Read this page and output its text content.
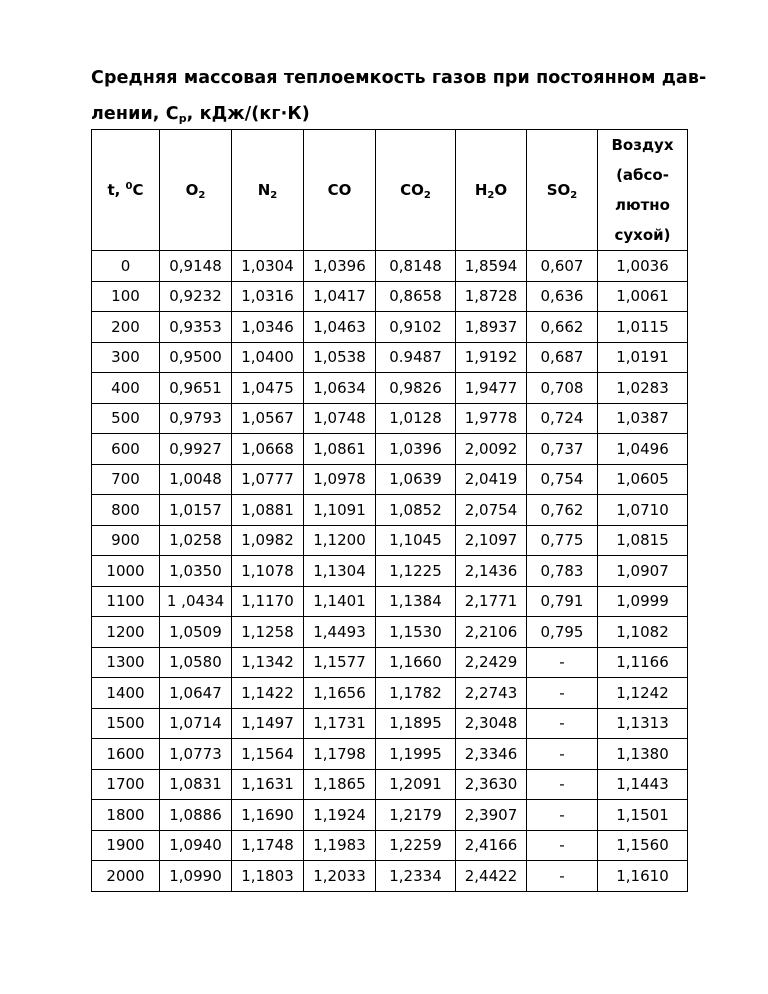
Средняя массовая теплоемкость газов при постоянном дав-
лении, $C_p$, кДж/(кг·К)
t, $^0$C	$O_2$	$N_2$	CO	$CO_2$	$H_2O$	$SO_2$	Воздух
(абсо-
лютно
сухой)
0	0,9148	1,0304	1,0396	0,8148	1,8594	0,607	1,0036
100	0,9232	1,0316	1,0417	0,8658	1,8728	0,636	1,0061
200	0,9353	1,0346	1,0463	0,9102	1,8937	0,662	1,0115
300	0,9500	1,0400	1,0538	0.9487	1,9192	0,687	1,0191
400	0,9651	1,0475	1,0634	0,9826	1,9477	0,708	1,0283
500	0,9793	1,0567	1,0748	1,0128	1,9778	0,724	1,0387
600	0,9927	1,0668	1,0861	1,0396	2,0092	0,737	1,0496
700	1,0048	1,0777	1,0978	1,0639	2,0419	0,754	1,0605
800	1,0157	1,0881	1,1091	1,0852	2,0754	0,762	1,0710
900	1,0258	1,0982	1,1200	1,1045	2,1097	0,775	1,0815
1000	1,0350	1,1078	1,1304	1,1225	2,1436	0,783	1,0907
1100	1 ,0434	1,1170	1,1401	1,1384	2,1771	0,791	1,0999
1200	1,0509	1,1258	1,4493	1,1530	2,2106	0,795	1,1082
1300	1,0580	1,1342	1,1577	1,1660	2,2429	-	1,1166
1400	1,0647	1,1422	1,1656	1,1782	2,2743	-	1,1242
1500	1,0714	1,1497	1,1731	1,1895	2,3048	-	1,1313
1600	1,0773	1,1564	1,1798	1,1995	2,3346	-	1,1380
1700	1,0831	1,1631	1,1865	1,2091	2,3630	-	1,1443
1800	1,0886	1,1690	1,1924	1,2179	2,3907	-	1,1501
1900	1,0940	1,1748	1,1983	1,2259	2,4166	-	1,1560
2000	1,0990	1,1803	1,2033	1,2334	2,4422	-	1,1610
